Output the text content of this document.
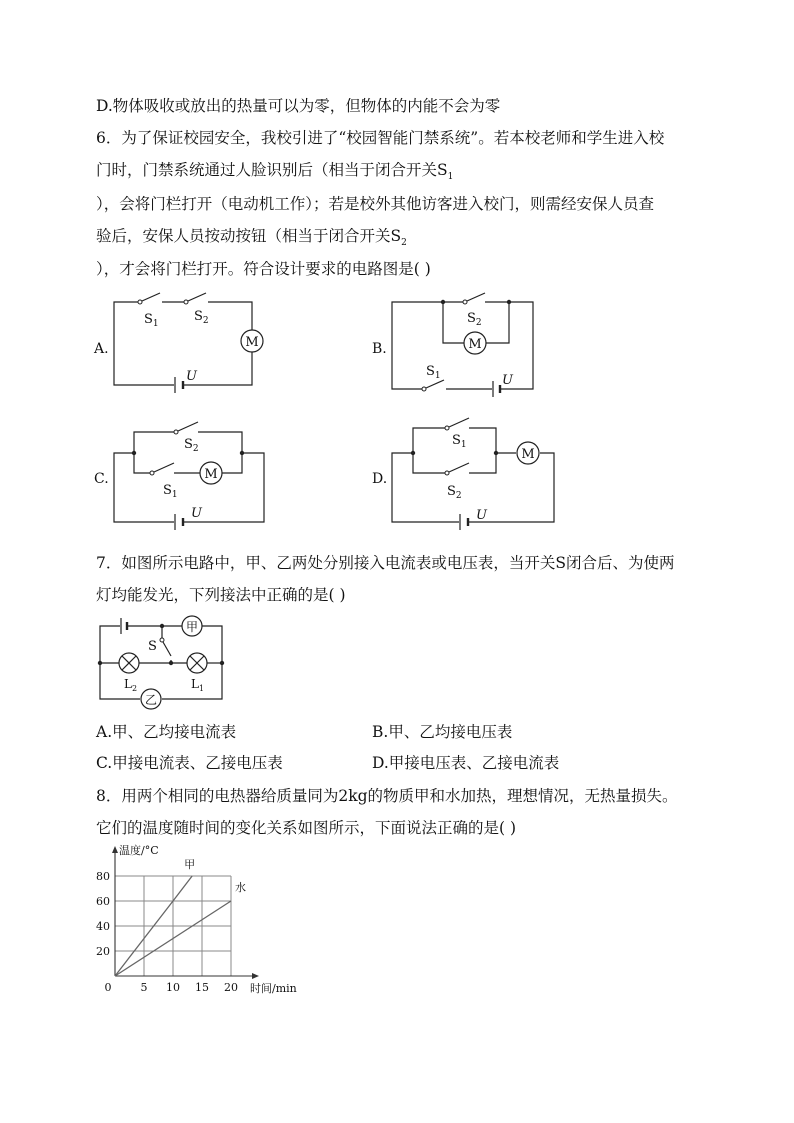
D.物体吸收或放出的热量可以为零，但物体的内能不会为零
6．为了保证校园安全，我校引进了“校园智能门禁系统”。若本校老师和学生进入校
门时，门禁系统通过人脸识别后（相当于闭合开关$S_1$
），会将门栏打开（电动机工作）；若是校外其他访客进入校门，则需经安保人员查
验后，安保人员按动按钮（相当于闭合开关$S_2$
），才会将门栏打开。符合设计要求的电路图是( )
A.
$S_1$	$S_2$
M
U
B.
$S_2$
M
$S_1$	U
C.
$S_2$
$S_1$
M
U
D.
$S_1$
$S_2$
M
U
7．如图所示电路中，甲、乙两处分别接入电流表或电压表，当开关S闭合后、为使两
灯均能发光，下列接法中正确的是( )
甲
乙
S
$L_2$	$L_1$
A.甲、乙均接电流表	B.甲、乙均接电压表
C.甲接电流表、乙接电压表	D.甲接电压表、乙接电流表
8．用两个相同的电热器给质量同为2kg的物质甲和水加热，理想情况，无热量损失。
它们的温度随时间的变化关系如图所示，下面说法正确的是( )
0	5 10 15 20
20
40
60
80
甲
水
温度/°C
时间/min
